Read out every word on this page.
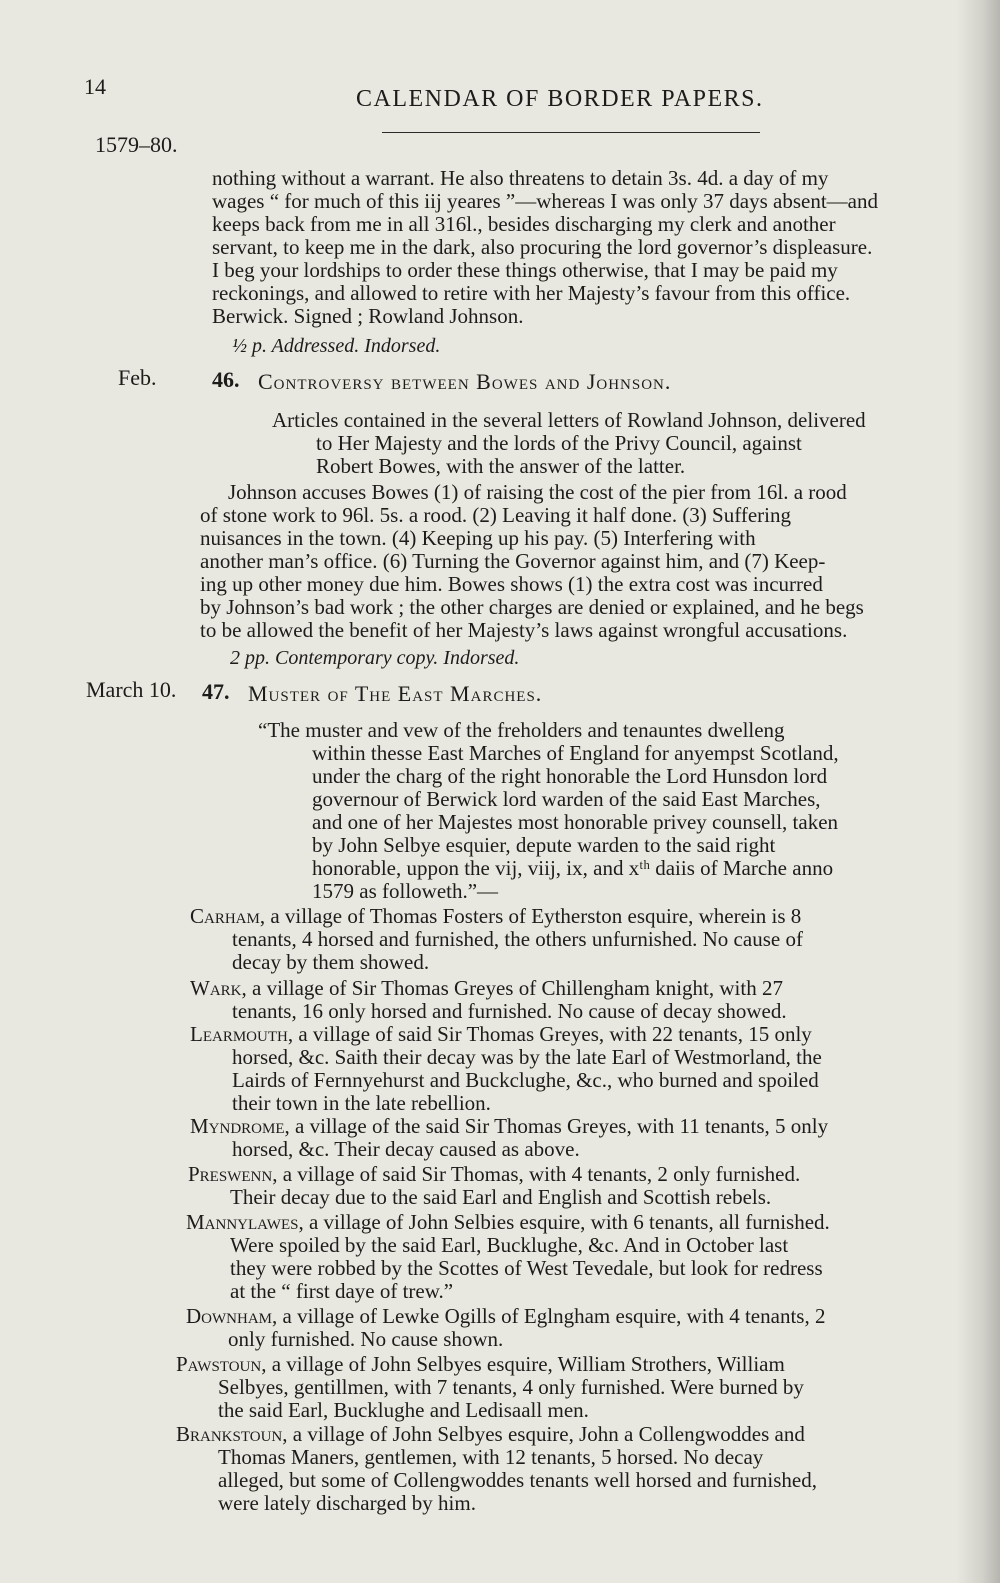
14	CALENDAR OF BORDER PAPERS.
1579–80.
nothing without a warrant. He also threatens to detain 3s. 4d. a day of my
wages “ for much of this iij yeares ”—whereas I was only 37 days absent—and
keeps back from me in all 316l., besides discharging my clerk and another
servant, to keep me in the dark, also procuring the lord governor’s displeasure.
I beg your lordships to order these things otherwise, that I may be paid my
reckonings, and allowed to retire with her Majesty’s favour from this office.
Berwick. Signed ; Rowland Johnson.
½ p. Addressed. Indorsed.
Feb.	46. Controversy between Bowes and Johnson.
Articles contained in the several letters of Rowland Johnson, delivered
to Her Majesty and the lords of the Privy Council, against
Robert Bowes, with the answer of the latter.
Johnson accuses Bowes (1) of raising the cost of the pier from 16l. a rood
of stone work to 96l. 5s. a rood. (2) Leaving it half done. (3) Suffering
nuisances in the town. (4) Keeping up his pay. (5) Interfering with
another man’s office. (6) Turning the Governor against him, and (7) Keep-
ing up other money due him. Bowes shows (1) the extra cost was incurred
by Johnson’s bad work ; the other charges are denied or explained, and he begs
to be allowed the benefit of her Majesty’s laws against wrongful accusations.
2 pp. Contemporary copy. Indorsed.
March 10. 47. Muster of The East Marches.
“The muster and vew of the freholders and tenauntes dwelleng
within thesse East Marches of England for anyempst Scotland,
under the charg of the right honorable the Lord Hunsdon lord
governour of Berwick lord warden of the said East Marches,
and one of her Majestes most honorable privey counsell, taken
by John Selbye esquier, depute warden to the said right
honorable, uppon the vij, viij, ix, and xᵗʰ daiis of Marche anno
1579 as followeth.”—
Carham, a village of Thomas Fosters of Eytherston esquire, wherein is 8
tenants, 4 horsed and furnished, the others unfurnished. No cause of
decay by them showed.
Wark, a village of Sir Thomas Greyes of Chillengham knight, with 27
tenants, 16 only horsed and furnished. No cause of decay showed.
Learmouth, a village of said Sir Thomas Greyes, with 22 tenants, 15 only
horsed, &c. Saith their decay was by the late Earl of Westmorland, the
Lairds of Fernnyehurst and Buckclughe, &c., who burned and spoiled
their town in the late rebellion.
Myndrome, a village of the said Sir Thomas Greyes, with 11 tenants, 5 only
horsed, &c. Their decay caused as above.
Preswenn, a village of said Sir Thomas, with 4 tenants, 2 only furnished.
Their decay due to the said Earl and English and Scottish rebels.
Mannylawes, a village of John Selbies esquire, with 6 tenants, all furnished.
Were spoiled by the said Earl, Bucklughe, &c. And in October last
they were robbed by the Scottes of West Tevedale, but look for redress
at the “ first daye of trew.”
Downham, a village of Lewke Ogills of Eglngham esquire, with 4 tenants, 2
only furnished. No cause shown.
Pawstoun, a village of John Selbyes esquire, William Strothers, William
Selbyes, gentillmen, with 7 tenants, 4 only furnished. Were burned by
the said Earl, Bucklughe and Ledisaall men.
Brankstoun, a village of John Selbyes esquire, John a Collengwoddes and
Thomas Maners, gentlemen, with 12 tenants, 5 horsed. No decay
alleged, but some of Collengwoddes tenants well horsed and furnished,
were lately discharged by him.
